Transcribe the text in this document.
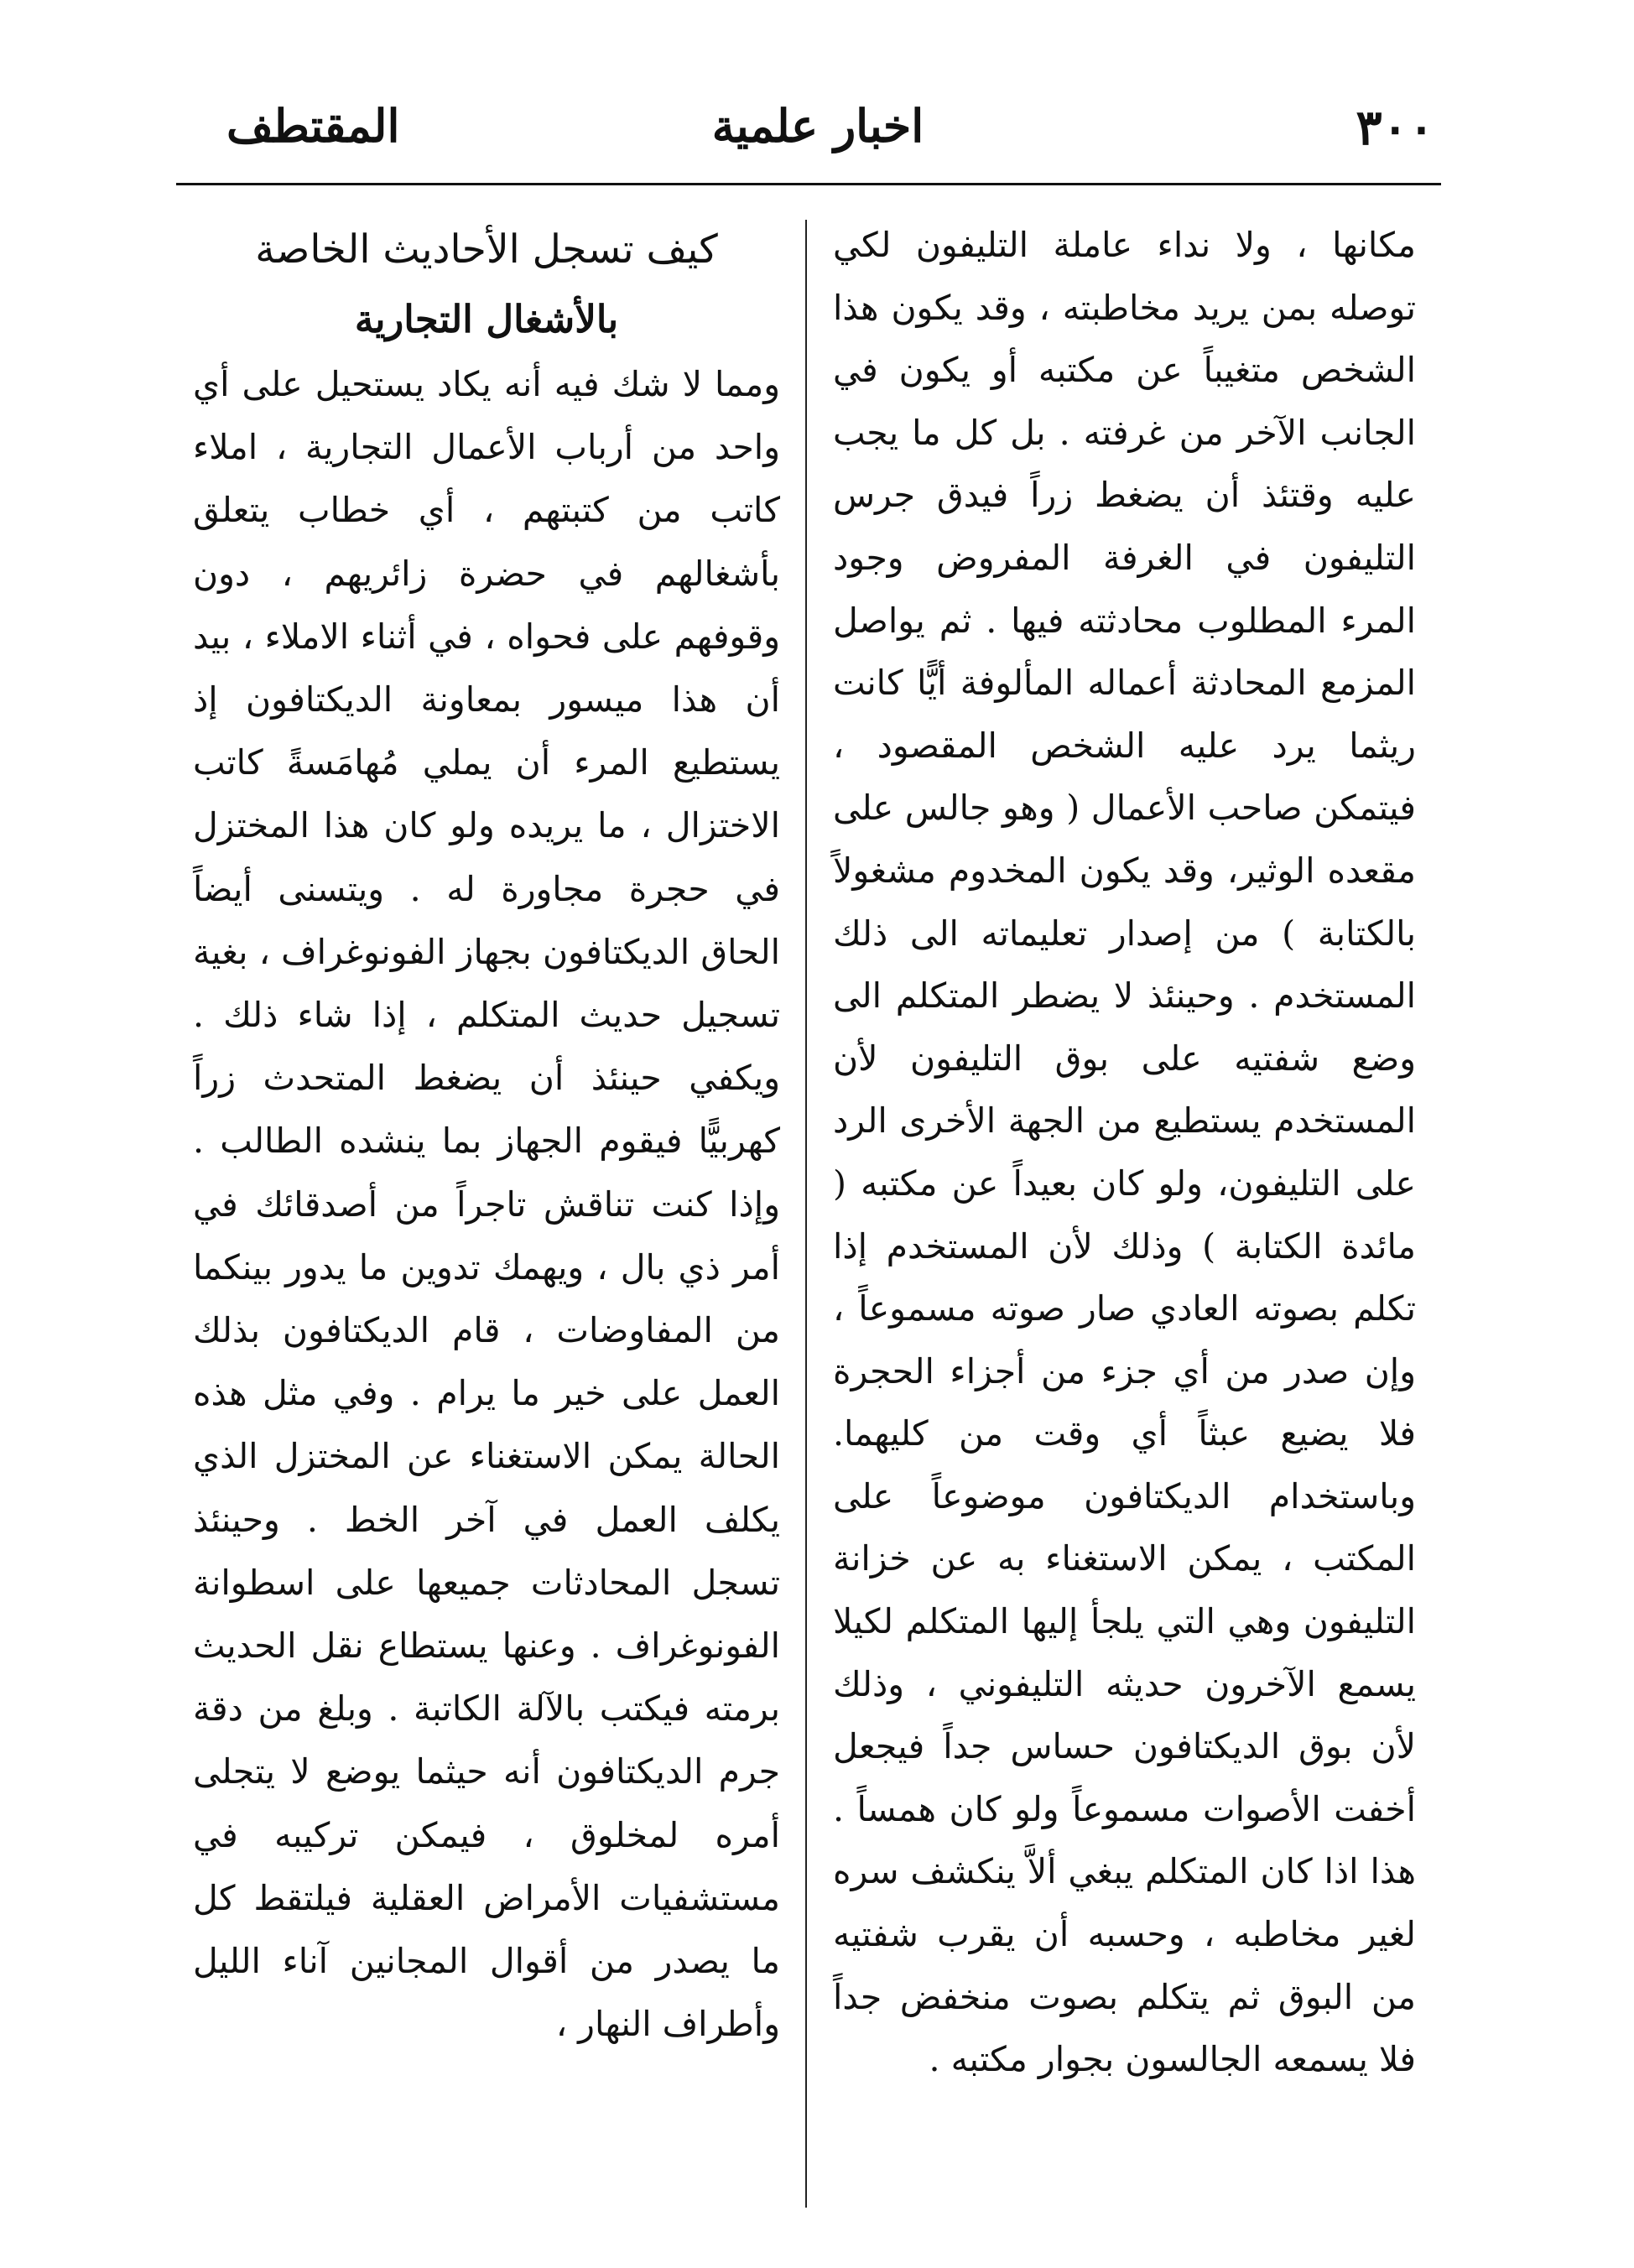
٣٠٠
اخبار علمية
المقتطف

مكانها ، ولا نداء عاملة التليفون لكي توصله بمن يريد مخاطبته ، وقد يكون هذا الشخص متغيباً عن مكتبه أو يكون في الجانب الآخر من غرفته . بل كل ما يجب عليه وقتئذ أن يضغط زراً فيدق جرس التليفون في الغرفة المفروض وجود المرء المطلوب محادثته فيها . ثم يواصل المزمع المحادثة أعماله المألوفة أيًّا كانت ريثما يرد عليه الشخص المقصود ، فيتمكن صاحب الأعمال ( وهو جالس على مقعده الوثير، وقد يكون المخدوم مشغولاً بالكتابة ) من إصدار تعليماته الى ذلك المستخدم . وحينئذ لا يضطر المتكلم الى وضع شفتيه على بوق التليفون لأن المستخدم يستطيع من الجهة الأخرى الرد على التليفون، ولو كان بعيداً عن مكتبه ( مائدة الكتابة ) وذلك لأن المستخدم إذا تكلم بصوته العادي صار صوته مسموعاً ، وإن صدر من أي جزء من أجزاء الحجرة فلا يضيع عبثاً أي وقت من كليهما. وباستخدام الديكتافون موضوعاً على المكتب ، يمكن الاستغناء به عن خزانة التليفون وهي التي يلجأ إليها المتكلم لكيلا يسمع الآخرون حديثه التليفوني ، وذلك لأن بوق الديكتافون حساس جداً فيجعل أخفت الأصوات مسموعاً ولو كان همساً . هذا اذا كان المتكلم يبغي ألاَّ ينكشف سره لغير مخاطبه ، وحسبه أن يقرب شفتيه من البوق ثم يتكلم بصوت منخفض جداً فلا يسمعه الجالسون بجوار مكتبه .

كيف تسجل الأحاديث الخاصة

بالأشغال التجارية

ومما لا شك فيه أنه يكاد يستحيل على أي واحد من أرباب الأعمال التجارية ، املاء كاتب من كتبتهم ، أي خطاب يتعلق بأشغالهم في حضرة زائريهم ، دون وقوفهم على فحواه ، في أثناء الاملاء ، بيد أن هذا ميسور بمعاونة الديكتافون إذ يستطيع المرء أن يملي مُهامَسةً كاتب الاختزال ، ما يريده ولو كان هذا المختزل في حجرة مجاورة له . ويتسنى أيضاً الحاق الديكتافون بجهاز الفونوغراف ، بغية تسجيل حديث المتكلم ، إذا شاء ذلك . ويكفي حينئذ أن يضغط المتحدث زراً كهربيًّا فيقوم الجهاز بما ينشده الطالب . وإذا كنت تناقش تاجراً من أصدقائك في أمر ذي بال ، ويهمك تدوين ما يدور بينكما من المفاوضات ، قام الديكتافون بذلك العمل على خير ما يرام . وفي مثل هذه الحالة يمكن الاستغناء عن المختزل الذي يكلف العمل في آخر الخط . وحينئذ تسجل المحادثات جميعها على اسطوانة الفونوغراف . وعنها يستطاع نقل الحديث برمته فيكتب بالآلة الكاتبة . وبلغ من دقة جرم الديكتافون أنه حيثما يوضع لا يتجلى أمره لمخلوق ، فيمكن تركيبه في مستشفيات الأمراض العقلية فيلتقط كل ما يصدر من أقوال المجانين آناء الليل وأطراف النهار ،
